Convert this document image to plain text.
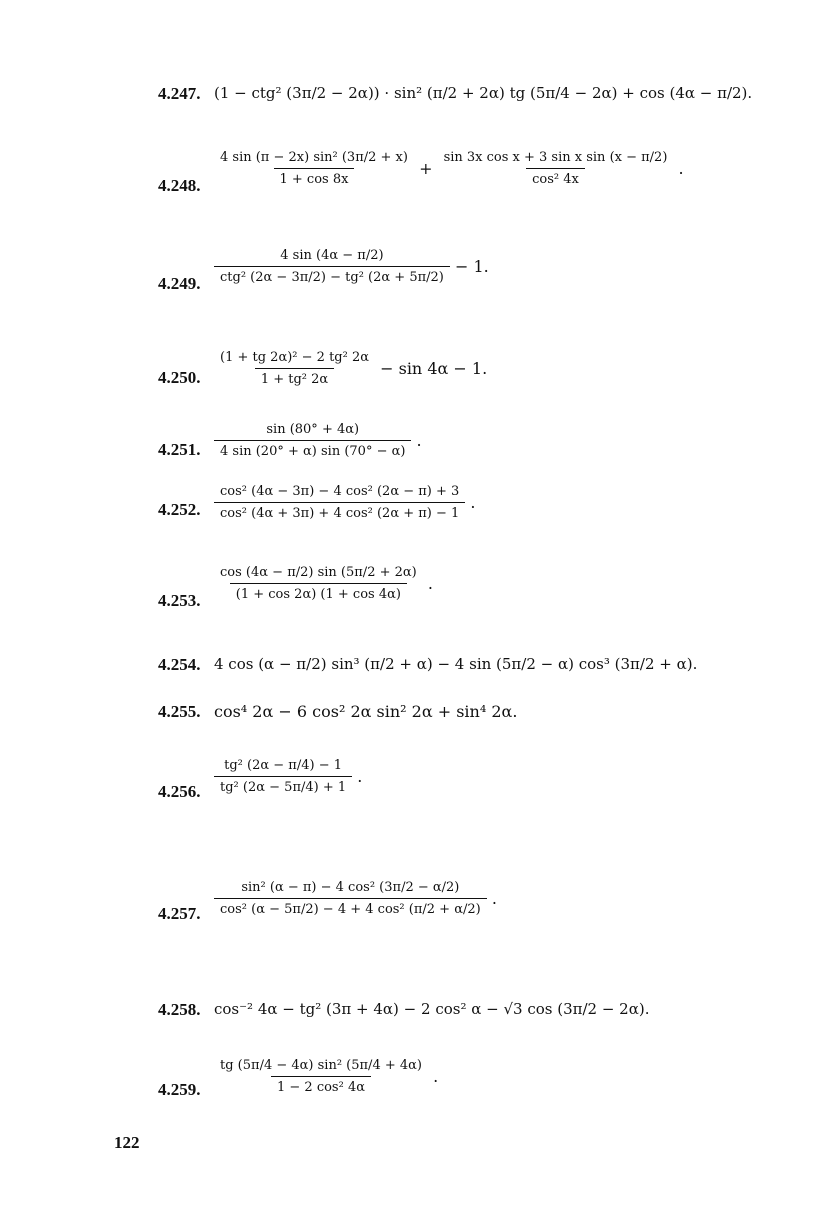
4.247. (1 − ctg² (3π/2 − 2α)) · sin² (π/2 + 2α) tg (5π/4 − 2α) + cos (4α − π/2).
4.248. $\frac{\text{4 sin (π − 2x) sin² (3π/2 + x)}}{1 + \cos 8x} + \frac{\text{sin 3x cos x + 3 sin x sin (x − π/2)}}{\text{cos² 4x}}$ .
4.249. $\frac{4 \sin (4\alpha - \pi/2)}{\text{ctg² (2α − 3π/2) − tg² (2α + 5π/2)}} - 1$.
4.250. $\frac{\text{(1 + tg 2α)² − 2 tg² 2α}}{\text{1 + tg² 2α}} - \sin 4\alpha - 1$.
4.251. $\frac{\sin (80^\circ + 4\alpha)}{4 \sin (20^\circ + \alpha) \sin (70^\circ - \alpha)}$ .
4.252. $\frac{\text{cos² (4α − 3π) − 4 cos² (2α − π) + 3}}{\text{cos² (4α + 3π) + 4 cos² (2α + π) − 1}}$ .
4.253. $\frac{\cos (4\alpha - \pi/2) \sin (5\pi/2 + 2\alpha)}{(1 + \cos 2\alpha) (1 + \cos 4\alpha)}$ .
4.254. 4 cos (α − π/2) sin³ (π/2 + α) − 4 sin (5π/2 − α) cos³ (3π/2 + α).
4.255. cos⁴ 2α − 6 cos² 2α sin² 2α + sin⁴ 2α.
4.256. $\frac{\text{tg² (2α − π/4) − 1}}{\text{tg² (2α − 5π/4) + 1}}$ .
4.257. $\frac{\text{sin² (α − π) − 4 cos² (3π/2 − α/2)}}{\text{cos² (α − 5π/2) − 4 + 4 cos² (π/2 + α/2)}}$ .
4.258. cos⁻² 4α − tg² (3π + 4α) − 2 cos² α − √3 cos (3π/2 − 2α).
4.259. $\frac{\text{tg (5π/4 − 4α) sin² (5π/4 + 4α)}}{\text{1 − 2 cos² 4α}}$ .
122
